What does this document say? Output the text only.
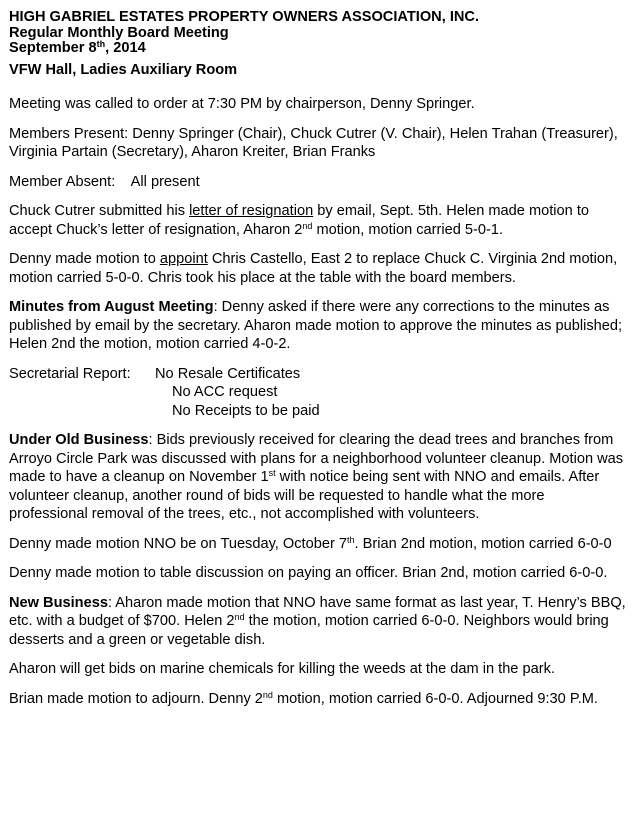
HIGH GABRIEL ESTATES PROPERTY OWNERS ASSOCIATION, INC.
Regular Monthly Board Meeting
September 8th, 2014
VFW Hall, Ladies Auxiliary Room

Meeting was called to order at 7:30 PM by chairperson, Denny Springer.

Members Present: Denny Springer (Chair), Chuck Cutrer (V. Chair), Helen Trahan (Treasurer), Virginia Partain (Secretary), Aharon Kreiter, Brian Franks

Member Absent:    All present

Chuck Cutrer submitted his letter of resignation by email, Sept. 5th. Helen made motion to accept Chuck’s letter of resignation, Aharon 2nd motion, motion carried 5-0-1.

Denny made motion to appoint Chris Castello, East 2 to replace Chuck C. Virginia 2nd motion, motion carried 5-0-0. Chris took his place at the table with the board members.

Minutes from August Meeting: Denny asked if there were any corrections to the minutes as published by email by the secretary. Aharon made motion to approve the minutes as published; Helen 2nd the motion, motion carried 4-0-2.

Secretarial Report:	No Resale Certificates
No ACC request
No Receipts to be paid

Under Old Business: Bids previously received for clearing the dead trees and branches from Arroyo Circle Park was discussed with plans for a neighborhood volunteer cleanup. Motion was made to have a cleanup on November 1st with notice being sent with NNO and emails. After volunteer cleanup, another round of bids will be requested to handle what the more professional removal of the trees, etc., not accomplished with volunteers.

Denny made motion NNO be on Tuesday, October 7th. Brian 2nd motion, motion carried 6-0-0

Denny made motion to table discussion on paying an officer. Brian 2nd, motion carried 6-0-0.

New Business: Aharon made motion that NNO have same format as last year, T. Henry’s BBQ, etc. with a budget of $700. Helen 2nd the motion, motion carried 6-0-0. Neighbors would bring desserts and a green or vegetable dish.

Aharon will get bids on marine chemicals for killing the weeds at the dam in the park.

Brian made motion to adjourn. Denny 2nd motion, motion carried 6-0-0. Adjourned 9:30 P.M.
